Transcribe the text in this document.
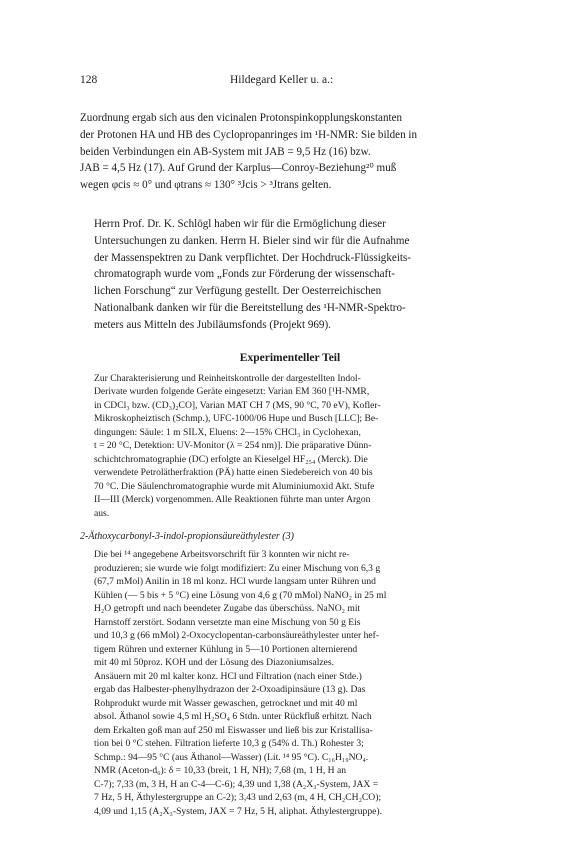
128	Hildegard Keller u. a.:

Zuordnung ergab sich aus den vicinalen Protonspinkopplungskonstanten
der Protonen HA und HB des Cyclopropanringes im ¹H-NMR: Sie bilden in
beiden Verbindungen ein AB-System mit JAB = 9,5 Hz (16) bzw.
JAB = 4,5 Hz (17). Auf Grund der Karplus—Conroy-Beziehung²⁰ muß
wegen φcis ≈ 0° und φtrans ≈ 130° ³Jcis > ³Jtrans gelten.

Herrn Prof. Dr. K. Schlögl haben wir für die Ermöglichung dieser
Untersuchungen zu danken. Herrn H. Bieler sind wir für die Aufnahme
der Massenspektren zu Dank verpflichtet. Der Hochdruck-Flüssigkeits-
chromatograph wurde vom „Fonds zur Förderung der wissenschaft-
lichen Forschung“ zur Verfügung gestellt. Der Oesterreichischen
Nationalbank danken wir für die Bereitstellung des ¹H-NMR-Spektro-
meters aus Mitteln des Jubiläumsfonds (Projekt 969).

Experimenteller Teil

Zur Charakterisierung und Reinheitskontrolle der dargestellten Indol-
Derivate wurden folgende Geräte eingesetzt: Varian EM 360 [¹H-NMR,
in CDCl₃ bzw. (CD₃)₂CO], Varian MAT CH 7 (MS, 90 °C, 70 eV), Kofler-
Mikroskopheiztisch (Schmp.), UFC-1000/06 Hupe und Busch [LLC]; Be-
dingungen: Säule: 1 m SILX, Eluens: 2—15% CHCl₃ in Cyclohexan,
t = 20 °C, Detektion: UV-Monitor (λ = 254 nm)]. Die präparative Dünn-
schichtchromatographie (DC) erfolgte an Kieselgel HF₂₅₄ (Merck). Die
verwendete Petrolätherfraktion (PÄ) hatte einen Siedebereich von 40 bis
70 °C. Die Säulenchromatographie wurde mit Aluminiumoxid Akt. Stufe
II—III (Merck) vorgenommen. Alle Reaktionen führte man unter Argon
aus.

2-Äthoxycarbonyl-3-indol-propionsäureäthylester (3)

Die bei ¹⁴ angegebene Arbeitsvorschrift für 3 konnten wir nicht re-
produzieren; sie wurde wie folgt modifiziert: Zu einer Mischung von 6,3 g
(67,7 mMol) Anilin in 18 ml konz. HCl wurde langsam unter Rühren und
Kühlen (— 5 bis + 5 °C) eine Lösung von 4,6 g (70 mMol) NaNO₂ in 25 ml
H₂O getropft und nach beendeter Zugabe das überschüss. NaNO₂ mit
Harnstoff zerstört. Sodann versetzte man eine Mischung von 50 g Eis
und 10,3 g (66 mMol) 2-Oxocyclopentan-carbonsäureäthylester unter hef-
tigem Rühren und externer Kühlung in 5—10 Portionen alternierend
mit 40 ml 50proz. KOH und der Lösung des Diazoniumsalzes.

Ansäuern mit 20 ml kalter konz. HCl und Filtration (nach einer Stde.)
ergab das Halbester-phenylhydrazon der 2-Oxoadipinsäure (13 g). Das
Rohprodukt wurde mit Wasser gewaschen, getrocknet und mit 40 ml
absol. Äthanol sowie 4,5 ml H₂SO₄ 6 Stdn. unter Rückfluß erhitzt. Nach
dem Erkalten goß man auf 250 ml Eiswasser und ließ bis zur Kristallisa-
tion bei 0 °C stehen. Filtration lieferte 10,3 g (54% d. Th.) Rohester 3;
Schmp.: 94—95 °C (aus Äthanol—Wasser) (Lit. ¹⁴ 95 °C). C₁₆H₁₉NO₄.

NMR (Aceton-d₆): δ = 10,33 (breit, 1 H, NH); 7,68 (m, 1 H, H an
C-7); 7,33 (m, 3 H, H an C-4—C-6); 4,39 und 1,38 (A₂X₃-System, JAX =
7 Hz, 5 H, Äthylestergruppe an C-2); 3,43 und 2,63 (m, 4 H, CH₂CH₂CO);
4,09 und 1,15 (A₂X₃-System, JAX = 7 Hz, 5 H, aliphat. Äthylestergruppe).
